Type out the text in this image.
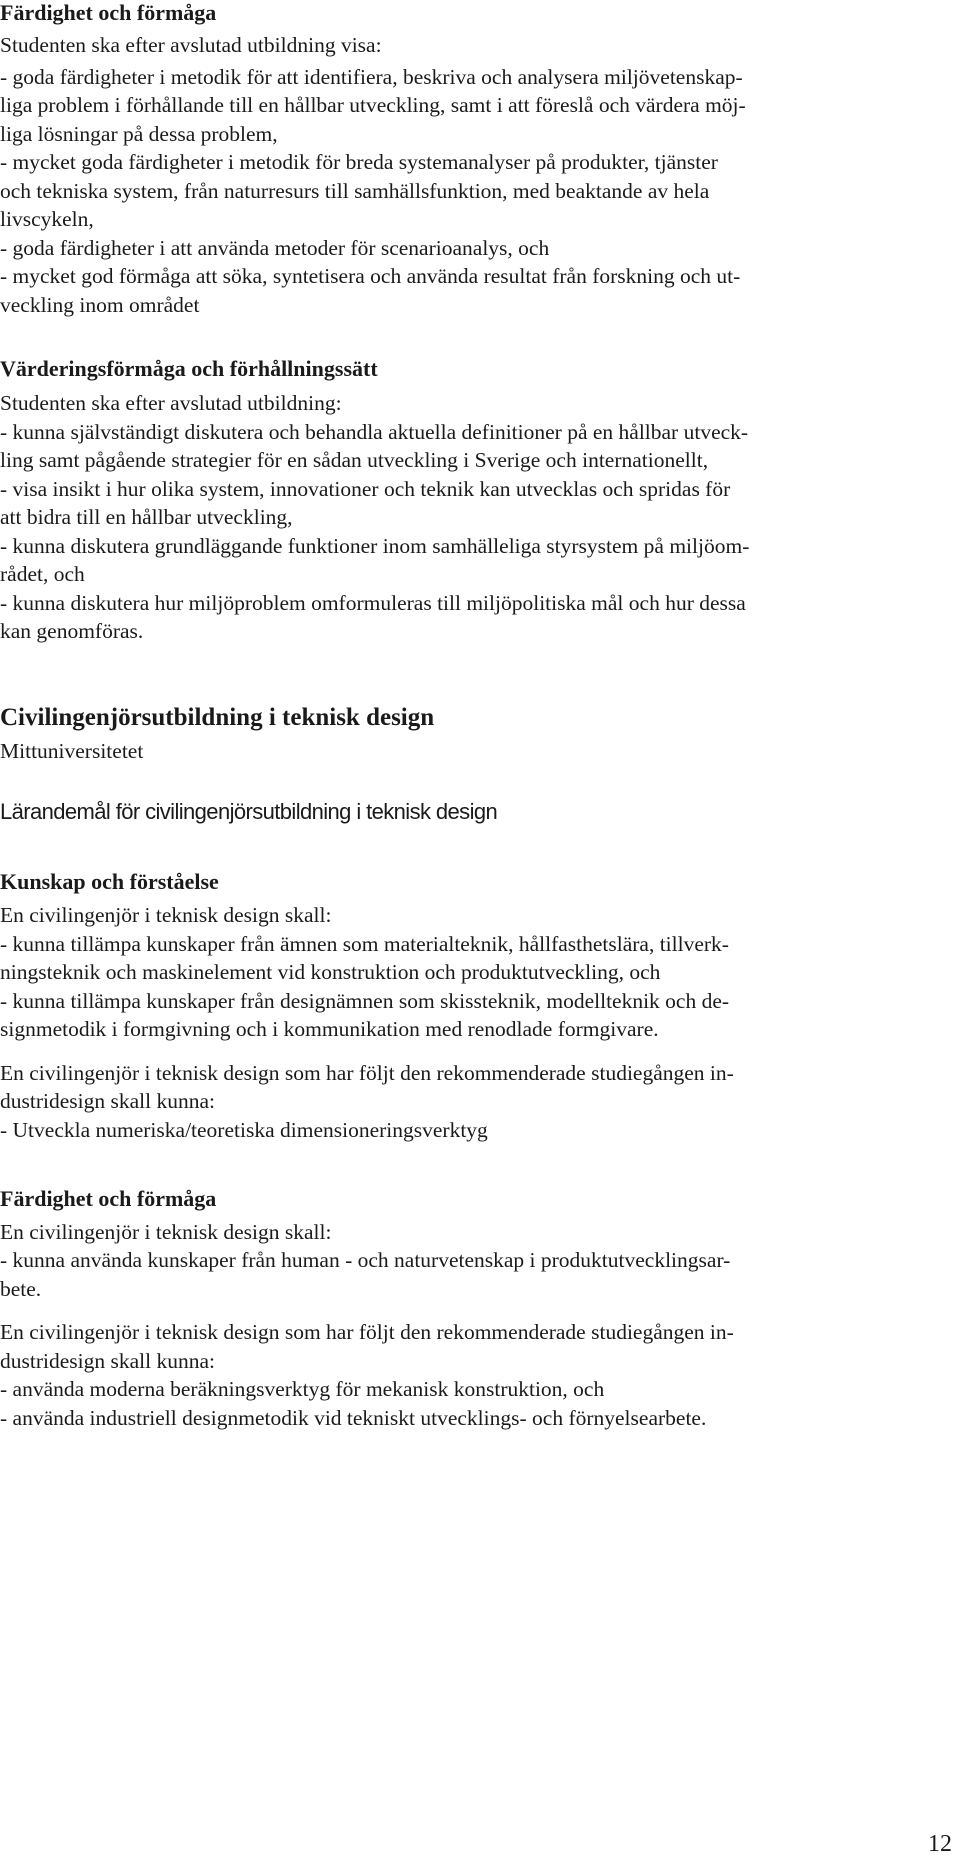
Färdighet och förmåga

Studenten ska efter avslutad utbildning visa:

- goda färdigheter i metodik för att identifiera, beskriva och analysera miljövetenskap-

liga problem i förhållande till en hållbar utveckling, samt i att föreslå och värdera möj-

liga lösningar på dessa problem,

- mycket goda färdigheter i metodik för breda systemanalyser på produkter, tjänster

och tekniska system, från naturresurs till samhällsfunktion, med beaktande av hela

livscykeln,

- goda färdigheter i att använda metoder för scenarioanalys, och

- mycket god förmåga att söka, syntetisera och använda resultat från forskning och ut-

veckling inom området

Värderingsförmåga och förhållningssätt

Studenten ska efter avslutad utbildning:

- kunna självständigt diskutera och behandla aktuella definitioner på en hållbar utveck-

ling samt pågående strategier för en sådan utveckling i Sverige och internationellt,

- visa insikt i hur olika system, innovationer och teknik kan utvecklas och spridas för

att bidra till en hållbar utveckling,

- kunna diskutera grundläggande funktioner inom samhälleliga styrsystem på miljöom-

rådet, och

- kunna diskutera hur miljöproblem omformuleras till miljöpolitiska mål och hur dessa

kan genomföras.

Civilingenjörsutbildning i teknisk design

Mittuniversitetet

Lärandemål för civilingenjörsutbildning i teknisk design

Kunskap och förståelse

En civilingenjör i teknisk design skall:

- kunna tillämpa kunskaper från ämnen som materialteknik, hållfasthetslära, tillverk-

ningsteknik och maskinelement vid konstruktion och produktutveckling, och

- kunna tillämpa kunskaper från designämnen som skissteknik, modellteknik och de-

signmetodik i formgivning och i kommunikation med renodlade formgivare.

En civilingenjör i teknisk design som har följt den rekommenderade studiegången in-

dustridesign skall kunna:

- Utveckla numeriska/teoretiska dimensioneringsverktyg

Färdighet och förmåga

En civilingenjör i teknisk design skall:

- kunna använda kunskaper från human - och naturvetenskap i produktutvecklingsar-

bete.

En civilingenjör i teknisk design som har följt den rekommenderade studiegången in-

dustridesign skall kunna:

- använda moderna beräkningsverktyg för mekanisk konstruktion, och

- använda industriell designmetodik vid tekniskt utvecklings- och förnyelsearbete.

12
